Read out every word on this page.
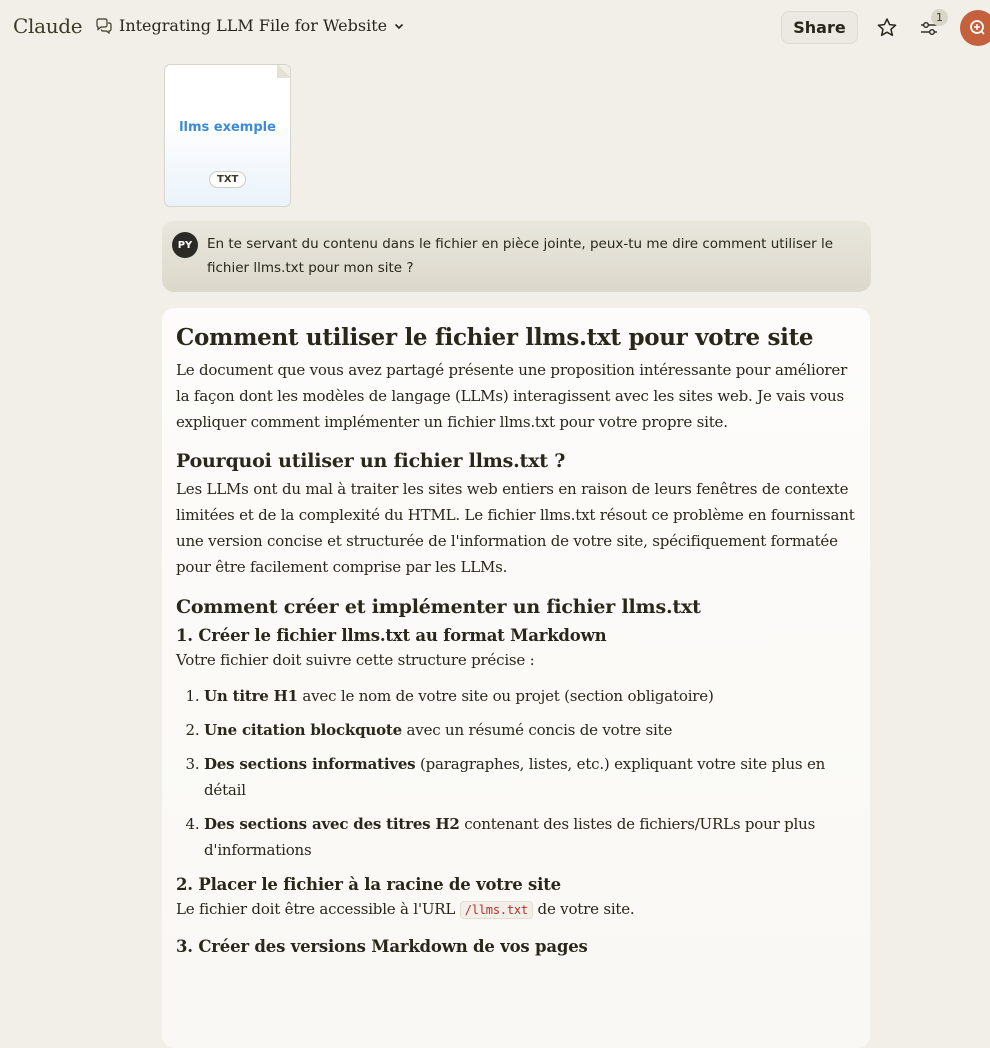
Claude Integrating LLM File for Website	Share
1
llms exemple
TXT
PY	En te servant du contenu dans le fichier en pièce jointe, peux-tu me dire comment utiliser le fichier llms.txt pour mon site ?
Comment utiliser le fichier llms.txt pour votre site

Le document que vous avez partagé présente une proposition intéressante pour améliorer la façon dont les modèles de langage (LLMs) interagissent avec les sites web. Je vais vous expliquer comment implémenter un fichier llms.txt pour votre propre site.

Pourquoi utiliser un fichier llms.txt ?

Les LLMs ont du mal à traiter les sites web entiers en raison de leurs fenêtres de contexte limitées et de la complexité du HTML. Le fichier llms.txt résout ce problème en fournissant une version concise et structurée de l'information de votre site, spécifiquement formatée pour être facilement comprise par les LLMs.

Comment créer et implémenter un fichier llms.txt
1. Créer le fichier llms.txt au format Markdown

Votre fichier doit suivre cette structure précise :

1. Un titre H1 avec le nom de votre site ou projet (section obligatoire)
2. Une citation blockquote avec un résumé concis de votre site
3. Des sections informatives (paragraphes, listes, etc.) expliquant votre site plus en détail
4. Des sections avec des titres H2 contenant des listes de fichiers/URLs pour plus d'informations
2. Placer le fichier à la racine de votre site

Le fichier doit être accessible à l'URL /llms.txt de votre site.

3. Créer des versions Markdown de vos pages
